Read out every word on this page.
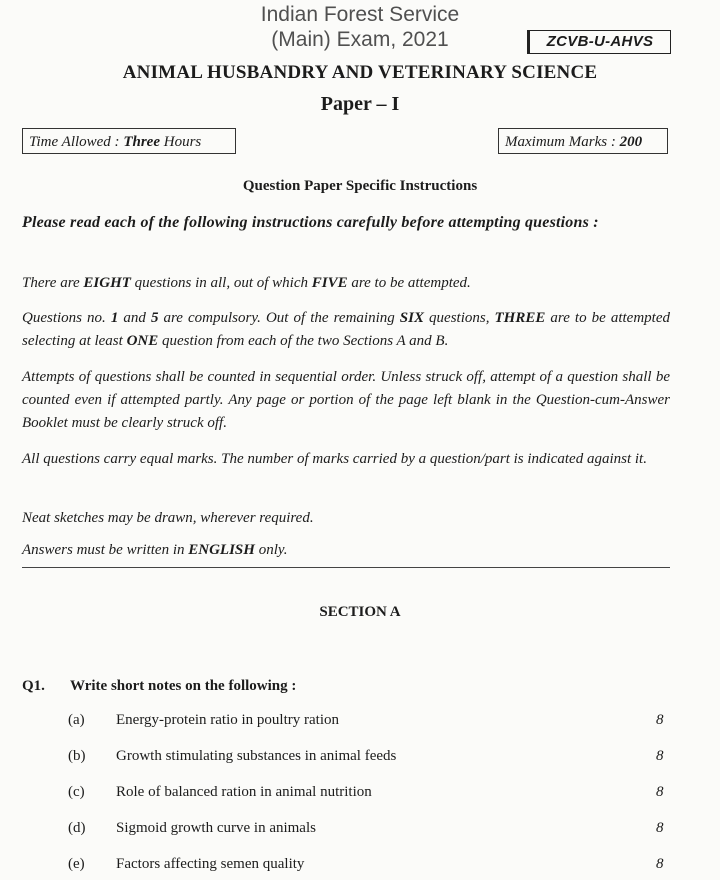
Indian Forest Service
(Main) Exam, 2021	ZCVB-U-AHVS
ANIMAL HUSBANDRY AND VETERINARY SCIENCE
Paper – I
Time Allowed : Three Hours	Maximum Marks : 200
Question Paper Specific Instructions
Please read each of the following instructions carefully before attempting questions :
There are EIGHT questions in all, out of which FIVE are to be attempted.
Questions no. 1 and 5 are compulsory. Out of the remaining SIX questions, THREE are to be attempted selecting at least ONE question from each of the two Sections A and B.
Attempts of questions shall be counted in sequential order. Unless struck off, attempt of a question shall be counted even if attempted partly. Any page or portion of the page left blank in the Question-cum-Answer Booklet must be clearly struck off.
All questions carry equal marks. The number of marks carried by a question/part is indicated against it.
Neat sketches may be drawn, wherever required.
Answers must be written in ENGLISH only.
SECTION A
Q1. Write short notes on the following :
(a) Energy-protein ratio in poultry ration	8
(b) Growth stimulating substances in animal feeds	8
(c) Role of balanced ration in animal nutrition	8
(d) Sigmoid growth curve in animals	8
(e) Factors affecting semen quality	8
